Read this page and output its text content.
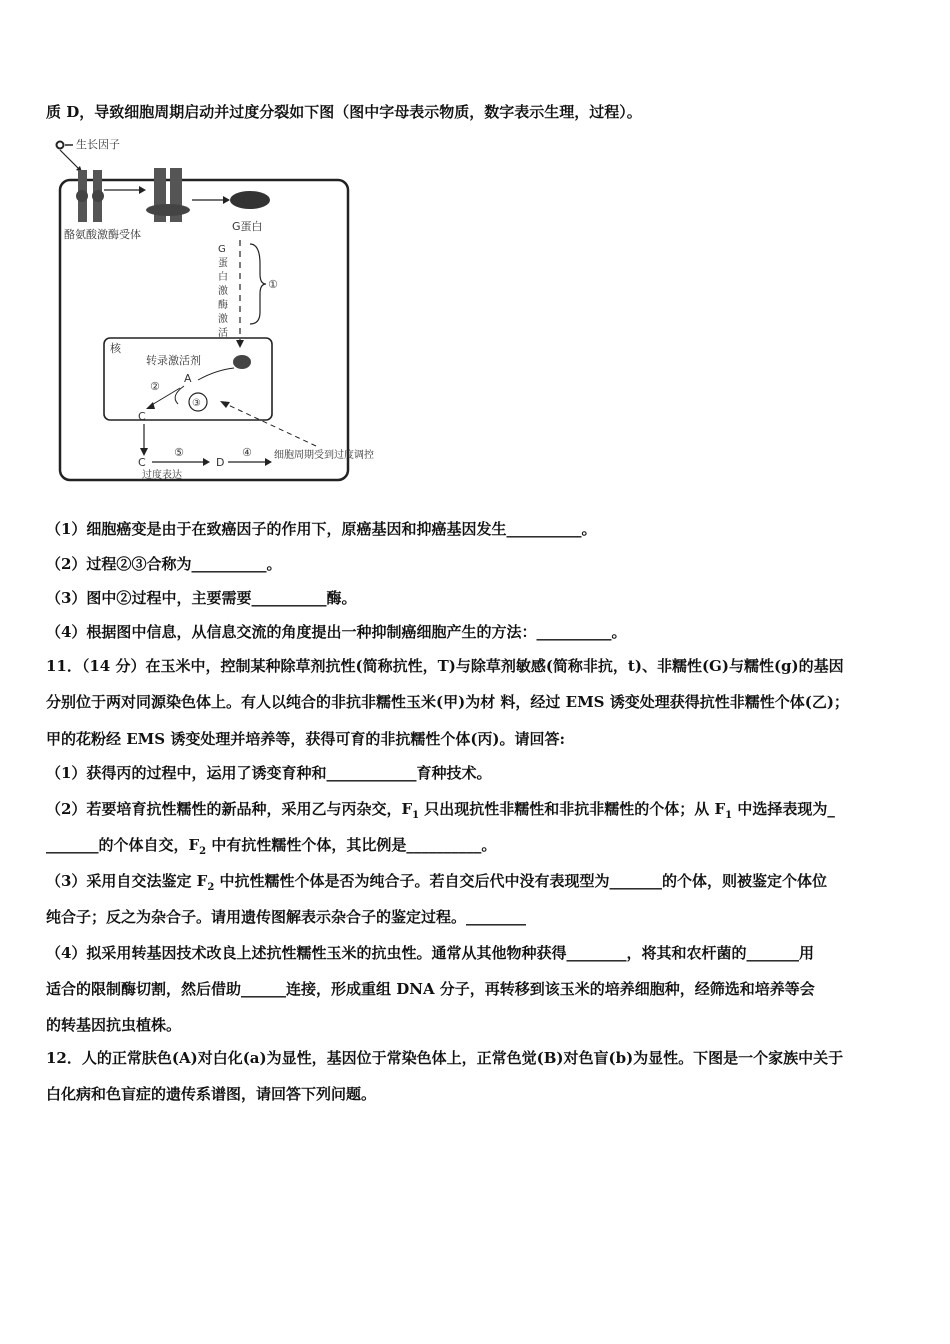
质 D，导致细胞周期启动并过度分裂如下图（图中字母表示物质，数字表示生理，过程）。
生长因子
酪氨酸激酶受体
G蛋白
G
蛋
白
激
酶
激
活
①
核
转录激活剂
A
③
②
C
C
过度表达
⑤
D
④ 细胞周期受到过度调控
（1）细胞癌变是由于在致癌因子的作用下，原癌基因和抑癌基因发生__________。
（2）过程②③合称为__________。
（3）图中②过程中，主要需要__________酶。
（4）根据图中信息，从信息交流的角度提出一种抑制癌细胞产生的方法：__________。
11．（14 分）在玉米中，控制某种除草剂抗性(简称抗性，T)与除草剂敏感(简称非抗，t)、非糯性(G)与糯性(g)的基因
分别位于两对同源染色体上。有人以纯合的非抗非糯性玉米(甲)为材 料，经过 EMS 诱变处理获得抗性非糯性个体(乙)；
甲的花粉经 EMS 诱变处理并培养等，获得可育的非抗糯性个体(丙)。请回答:
（1）获得丙的过程中，运用了诱变育种和____________育种技术。
（2）若要培育抗性糯性的新品种，采用乙与丙杂交，$F_1$ 只出现抗性非糯性和非抗非糯性的个体；从 $F_1$ 中选择表现为_
_______的个体自交，$F_2$ 中有抗性糯性个体，其比例是__________。
（3）采用自交法鉴定 $F_2$ 中抗性糯性个体是否为纯合子。若自交后代中没有表现型为_______的个体，则被鉴定个体位
纯合子；反之为杂合子。请用遗传图解表示杂合子的鉴定过程。________
（4）拟采用转基因技术改良上述抗性糯性玉米的抗虫性。通常从其他物种获得________，将其和农杆菌的_______用
适合的限制酶切割，然后借助______连接，形成重组 DNA 分子，再转移到该玉米的培养细胞种，经筛选和培养等会
的转基因抗虫植株。
12．人的正常肤色(A)对白化(a)为显性，基因位于常染色体上，正常色觉(B)对色盲(b)为显性。下图是一个家族中关于
白化病和色盲症的遗传系谱图，请回答下列问题。
